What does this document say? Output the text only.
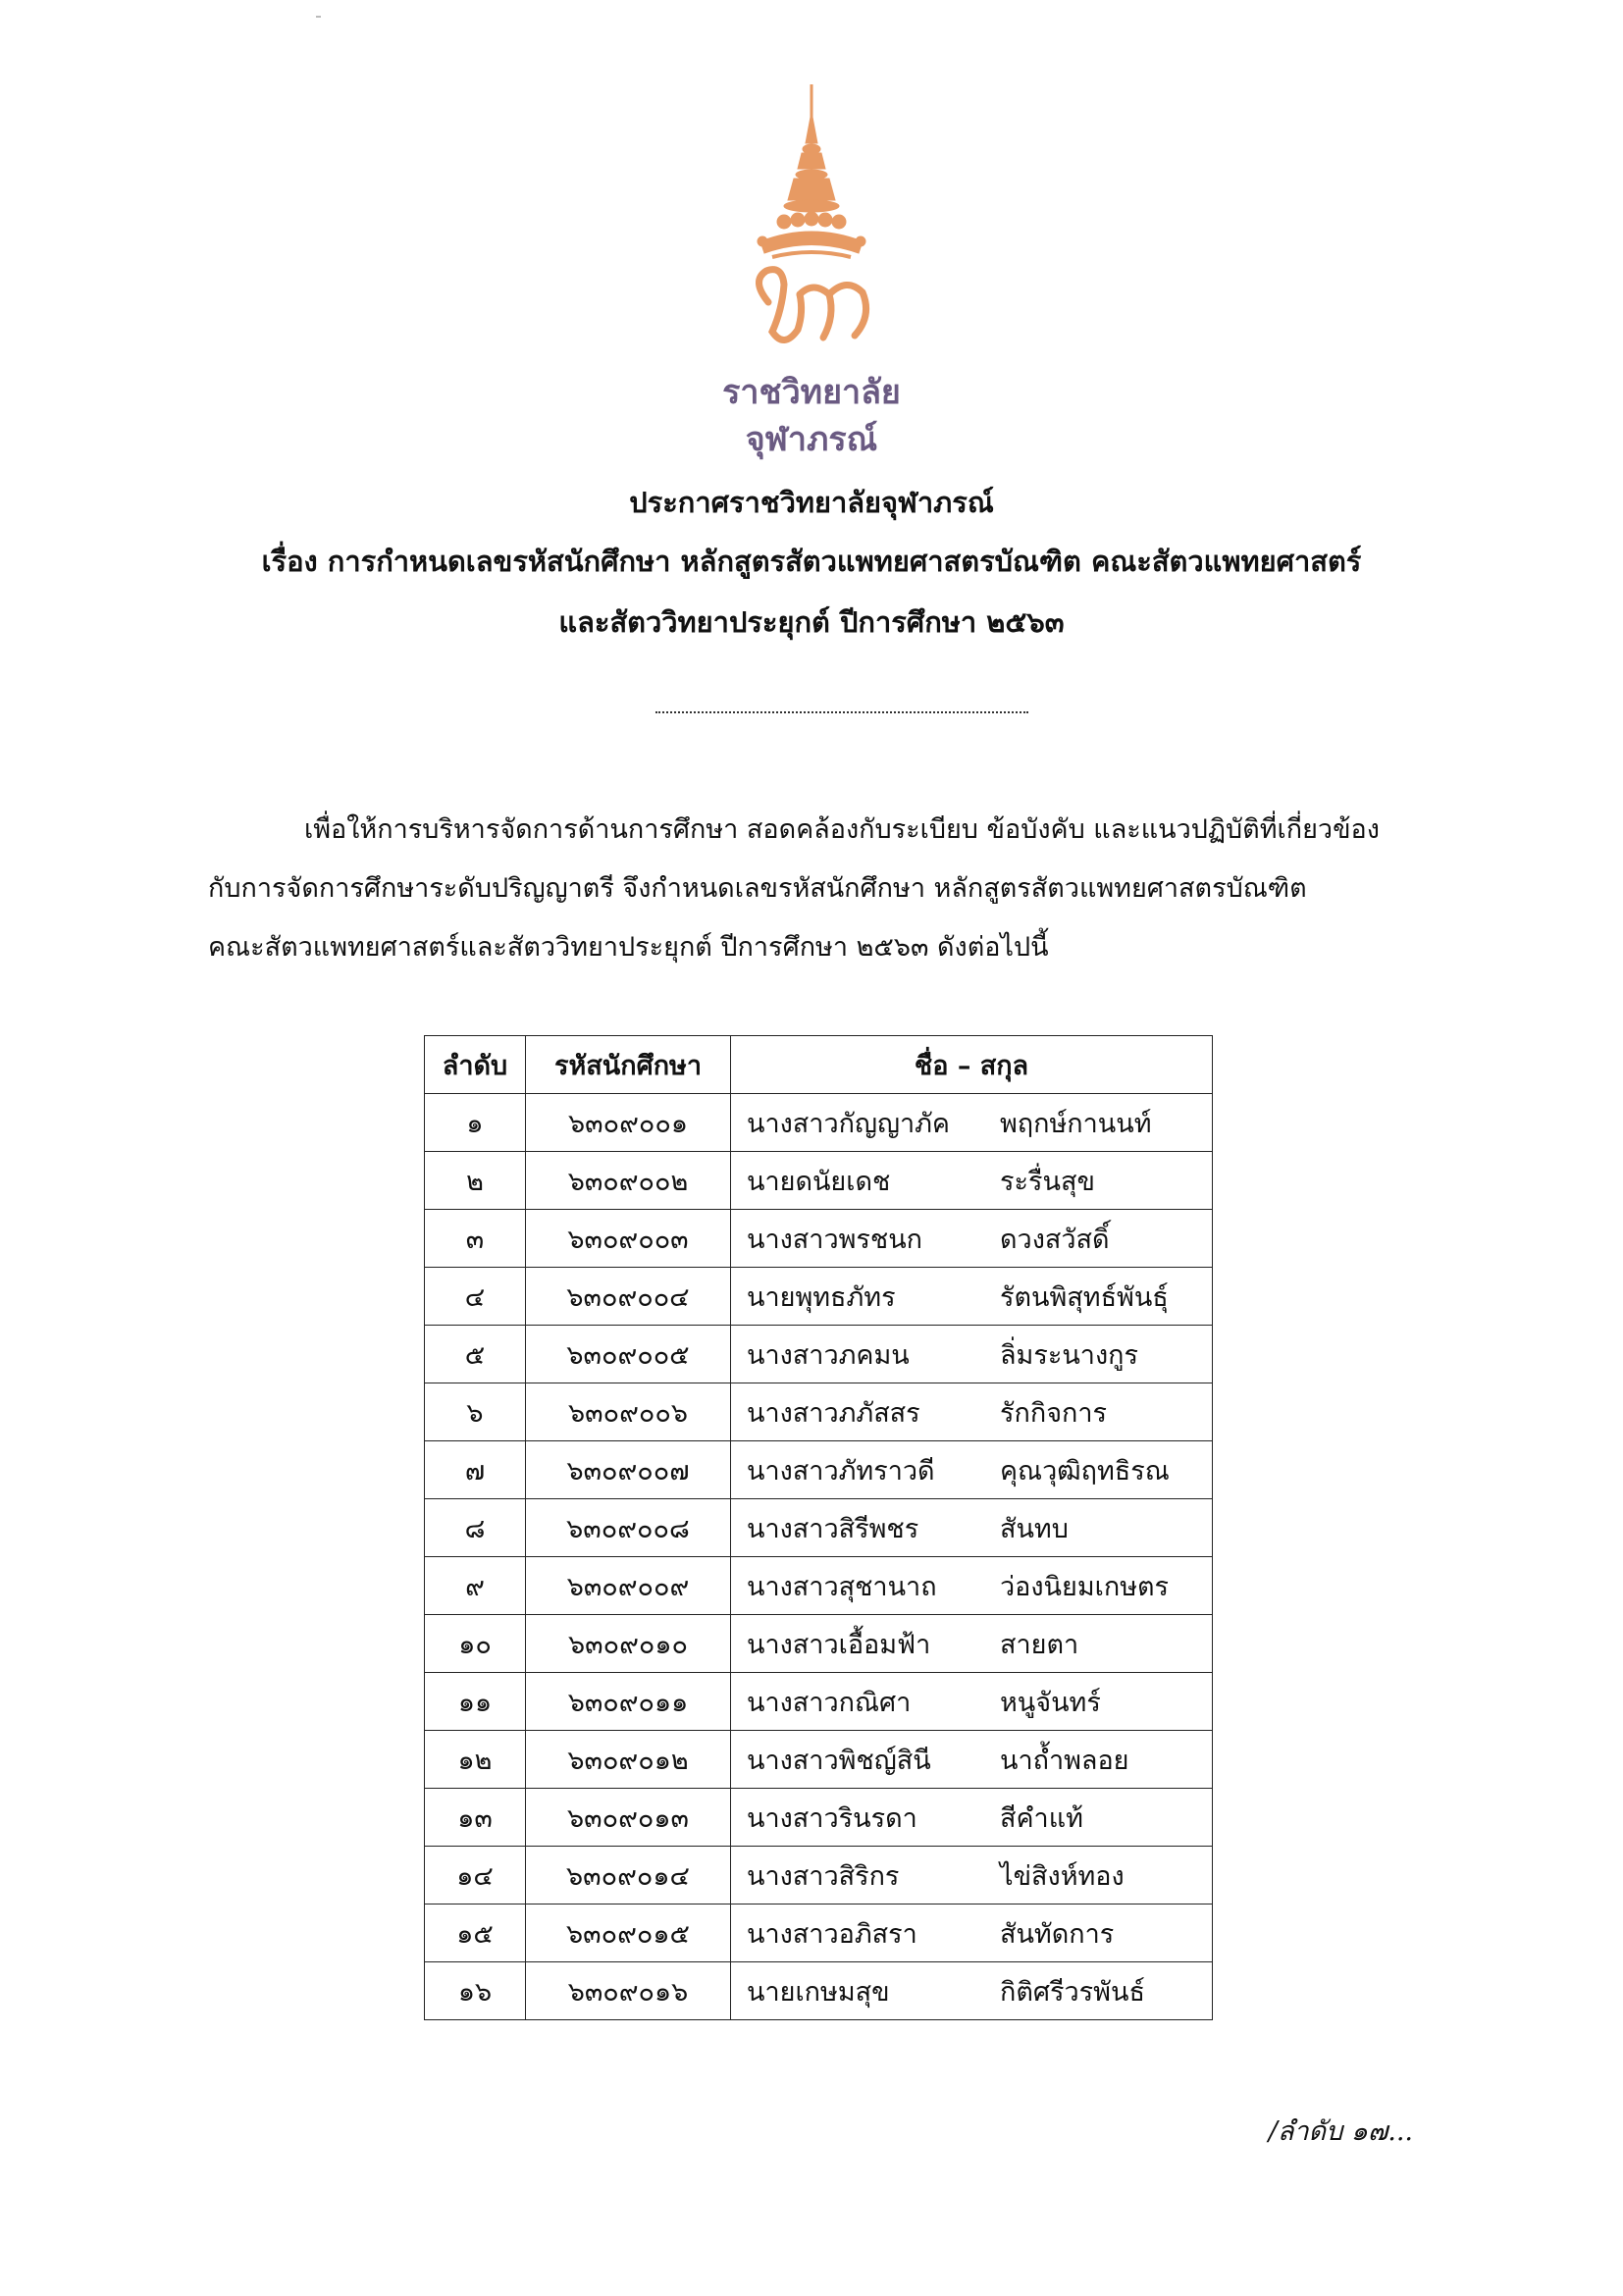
ราชวิทยาลัย
จุฬาภรณ์
ประกาศราชวิทยาลัยจุฬาภรณ์
เรื่อง การกำหนดเลขรหัสนักศึกษา หลักสูตรสัตวแพทยศาสตรบัณฑิต คณะสัตวแพทยศาสตร์
และสัตววิทยาประยุกต์ ปีการศึกษา ๒๕๖๓
เพื่อให้การบริหารจัดการด้านการศึกษา สอดคล้องกับระเบียบ ข้อบังคับ และแนวปฏิบัติที่เกี่ยวข้อง
กับการจัดการศึกษาระดับปริญญาตรี จึงกำหนดเลขรหัสนักศึกษา หลักสูตรสัตวแพทยศาสตรบัณฑิต
คณะสัตวแพทยศาสตร์และสัตววิทยาประยุกต์ ปีการศึกษา ๒๕๖๓ ดังต่อไปนี้
ลำดับ	รหัสนักศึกษา	ชื่อ – สกุล
๑	๖๓๐๙๐๐๑	นางสาวกัญญาภัค พฤกษ์กานนท์
๒	๖๓๐๙๐๐๒	นายดนัยเดช ระรื่นสุข
๓	๖๓๐๙๐๐๓	นางสาวพรชนก ดวงสวัสดิ์
๔	๖๓๐๙๐๐๔	นายพุทธภัทร รัตนพิสุทธ์พันธุ์
๕	๖๓๐๙๐๐๕	นางสาวภคมน ลิ่มระนางกูร
๖	๖๓๐๙๐๐๖	นางสาวภภัสสร รักกิจการ
๗	๖๓๐๙๐๐๗	นางสาวภัทราวดี คุณวุฒิฤทธิรณ
๘	๖๓๐๙๐๐๘	นางสาวสิรีพชร สันทบ
๙	๖๓๐๙๐๐๙	นางสาวสุชานาถ ว่องนิยมเกษตร
๑๐	๖๓๐๙๐๑๐	นางสาวเอื้อมฟ้า สายตา
๑๑	๖๓๐๙๐๑๑	นางสาวกณิศา หนูจันทร์
๑๒	๖๓๐๙๐๑๒	นางสาวพิชญ์สินี นาถ้ำพลอย
๑๓	๖๓๐๙๐๑๓	นางสาวรินรดา สีคำแท้
๑๔	๖๓๐๙๐๑๔	นางสาวสิริกร ไข่สิงห์ทอง
๑๕	๖๓๐๙๐๑๕	นางสาวอภิสรา สันทัดการ
๑๖	๖๓๐๙๐๑๖	นายเกษมสุข กิติศรีวรพันธ์
/ลำดับ ๑๗...
